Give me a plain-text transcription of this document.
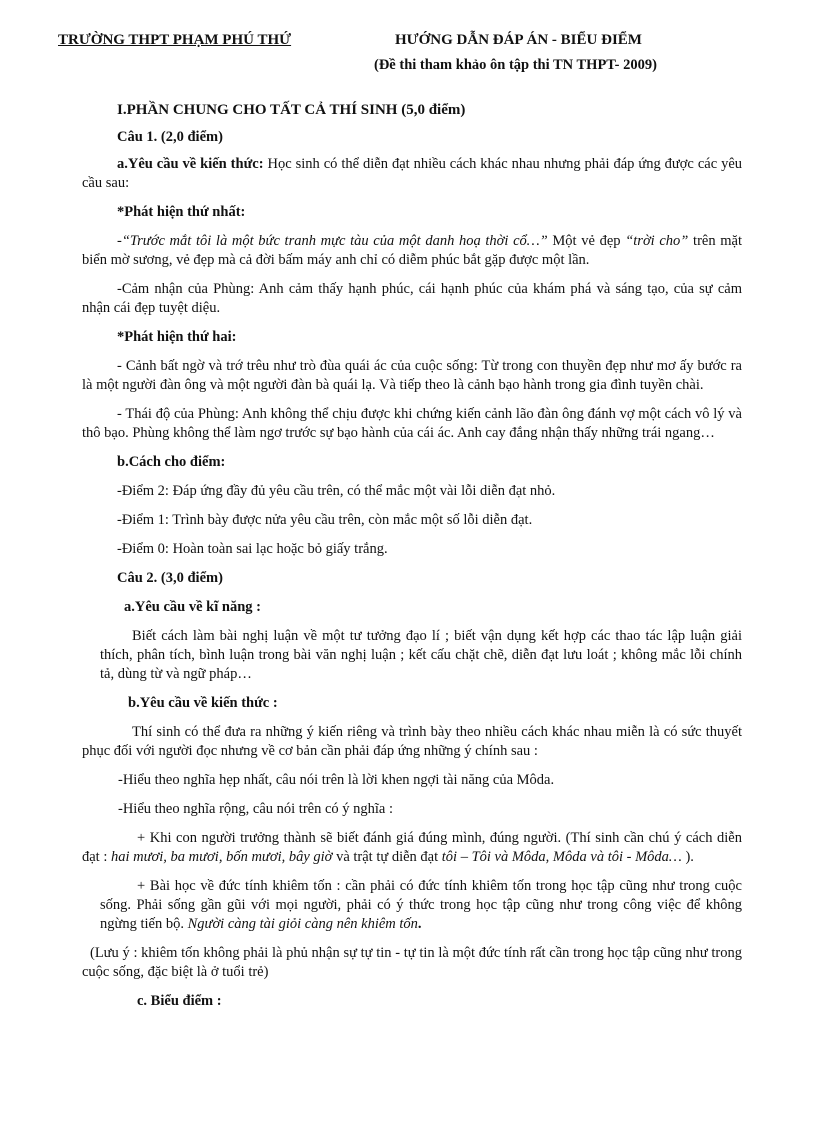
TRƯỜNG THPT PHẠM PHÚ THỨ	HƯỚNG DẪN ĐÁP ÁN - BIỂU ĐIỂM
(Đề thi tham khảo ôn tập thi TN THPT- 2009)

I.PHẦN CHUNG CHO TẤT CẢ THÍ SINH (5,0 điểm)

Câu 1. (2,0 điểm)

a.Yêu cầu về kiến thức: Học sinh có thể diễn đạt nhiều cách khác nhau nhưng phải đáp ứng được các yêu cầu sau:

*Phát hiện thứ nhất:

-“Trước mắt tôi là một bức tranh mực tàu của một danh hoạ thời cổ…” Một vẻ đẹp “trời cho” trên mặt biển mờ sương, vẻ đẹp mà cả đời bấm máy anh chỉ có diễm phúc bắt gặp được một lần.

-Cảm nhận của Phùng: Anh cảm thấy hạnh phúc, cái hạnh phúc của khám phá và sáng tạo, của sự cảm nhận cái đẹp tuyệt diệu.

*Phát hiện thứ hai:

- Cảnh bất ngờ và trớ trêu như trò đùa quái ác của cuộc sống: Từ trong con thuyền đẹp như mơ ấy bước ra là một người đàn ông và một người đàn bà quái lạ. Và tiếp theo là cảnh bạo hành trong gia đình tuyền chài.

- Thái độ của Phùng: Anh không thể chịu được khi chứng kiến cảnh lão đàn ông đánh vợ một cách vô lý và thô bạo. Phùng không thể làm ngơ trước sự bạo hành của cái ác. Anh cay đắng nhận thấy những trái ngang…

b.Cách cho điểm:

-Điểm 2: Đáp ứng đầy đủ yêu cầu trên, có thể mắc một vài lỗi diễn đạt nhỏ.

-Điểm 1: Trình bày được nửa yêu cầu trên, còn mắc một số lỗi diễn đạt.

-Điểm 0: Hoàn toàn sai lạc hoặc bỏ giấy trắng.

Câu 2. (3,0 điểm)

a.Yêu cầu về kĩ năng :

Biết cách làm bài nghị luận về một tư tưởng đạo lí ; biết vận dụng kết hợp các thao tác lập luận giải thích, phân tích, bình luận trong bài văn nghị luận ; kết cấu chặt chẽ, diễn đạt lưu loát ; không mắc lỗi chính tả, dùng từ và ngữ pháp…

b.Yêu cầu về kiến thức :

Thí sinh có thể đưa ra những ý kiến riêng và trình bày theo nhiều cách khác nhau miễn là có sức thuyết phục đối với người đọc nhưng về cơ bản cần phải đáp ứng những ý chính sau :

-Hiểu theo nghĩa hẹp nhất, câu nói trên là lời khen ngợi tài năng của Môda.

-Hiểu theo nghĩa rộng, câu nói trên có ý nghĩa :

+ Khi con người trưởng thành sẽ biết đánh giá đúng mình, đúng người. (Thí sinh cần chú ý cách diễn đạt : hai mươi, ba mươi, bốn mươi, bây giờ và trật tự diễn đạt tôi – Tôi và Môda, Môda và tôi - Môda… ).

+ Bài học về đức tính khiêm tốn : cần phải có đức tính khiêm tốn trong học tập cũng như trong cuộc sống. Phải sống gần gũi với mọi người, phải có ý thức trong học tập cũng như trong công việc để không ngừng tiến bộ. Người càng tài giỏi càng nên khiêm tốn.

(Lưu ý : khiêm tốn không phải là phủ nhận sự tự tin - tự tin là một đức tính rất cần trong học tập cũng như trong cuộc sống, đặc biệt là ở tuổi trẻ)

c. Biểu điểm :
